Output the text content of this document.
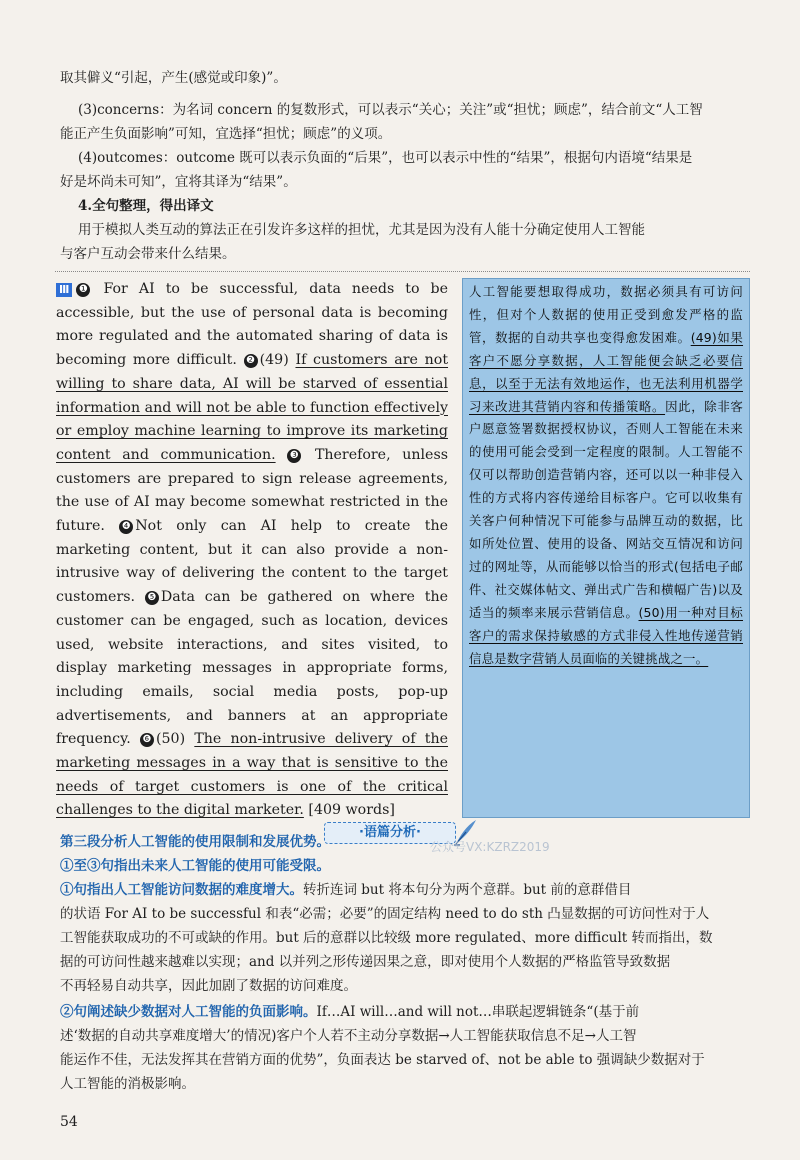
取其僻义“引起，产生(感觉或印象)”。

(3)concerns：为名词 concern 的复数形式，可以表示“关心；关注”或“担忧；顾虑”，结合前文“人工智

能正产生负面影响”可知，宜选择“担忧；顾虑”的义项。

(4)outcomes：outcome 既可以表示负面的“后果”，也可以表示中性的“结果”，根据句内语境“结果是

好是坏尚未可知”，宜将其译为“结果”。

4.全句整理，得出译文

用于模拟人类互动的算法正在引发许多这样的担忧，尤其是因为没有人能十分确定使用人工智能

与客户互动会带来什么结果。

Ⅲ ❶ For AI to be successful, data needs to be accessible, but the use of personal data is becoming more regulated and the automated sharing of data is becoming more difficult. ❷ (49) If customers are not willing to share data, AI will be starved of essential information and will not be able to function effectively or employ machine learning to improve its marketing content and communication. ❸ Therefore, unless customers are prepared to sign release agreements, the use of AI may become somewhat restricted in the future. ❹ Not only can AI help to create the marketing content, but it can also provide a non-intrusive way of delivering the content to the target customers. ❺ Data can be gathered on where the customer can be engaged, such as location, devices used, website interactions, and sites visited, to display marketing messages in appropriate forms, including emails, social media posts, pop-up advertisements, and banners at an appropriate frequency. ❻ (50) The non-intrusive delivery of the marketing messages in a way that is sensitive to the needs of target customers is one of the critical challenges to the digital marketer. [409 words]
人工智能要想取得成功，数据必须具有可访问性，但对个人数据的使用正受到愈发严格的监管，数据的自动共享也变得愈发困难。(49)如果客户不愿分享数据，人工智能便会缺乏必要信息，以至于无法有效地运作，也无法利用机器学习来改进其营销内容和传播策略。因此，除非客户愿意签署数据授权协议，否则人工智能在未来的使用可能会受到一定程度的限制。人工智能不仅可以帮助创造营销内容，还可以以一种非侵入性的方式将内容传递给目标客户。它可以收集有关客户何种情况下可能参与品牌互动的数据，比如所处位置、使用的设备、网站交互情况和访问过的网址等，从而能够以恰当的形式(包括电子邮件、社交媒体帖文、弹出式广告和横幅广告)以及适当的频率来展示营销信息。(50)用一种对目标客户的需求保持敏感的方式非侵入性地传递营销信息是数字营销人员面临的关键挑战之一。
·语篇分析·
公众号VX:KZRZ2019

第三段分析人工智能的使用限制和发展优势。

①至③句指出未来人工智能的使用可能受限。

①句指出人工智能访问数据的难度增大。转折连词 but 将本句分为两个意群。but 前的意群借目

的状语 For AI to be successful 和表“必需；必要”的固定结构 need to do sth 凸显数据的可访问性对于人

工智能获取成功的不可或缺的作用。but 后的意群以比较级 more regulated、more difficult 转而指出，数

据的可访问性越来越难以实现；and 以并列之形传递因果之意，即对使用个人数据的严格监管导致数据

不再轻易自动共享，因此加剧了数据的访问难度。

②句阐述缺少数据对人工智能的负面影响。If…AI will…and will not…串联起逻辑链条“(基于前

述‘数据的自动共享难度增大’的情况)客户个人若不主动分享数据→人工智能获取信息不足→人工智

能运作不佳，无法发挥其在营销方面的优势”，负面表达 be starved of、not be able to 强调缺少数据对于

人工智能的消极影响。

54
